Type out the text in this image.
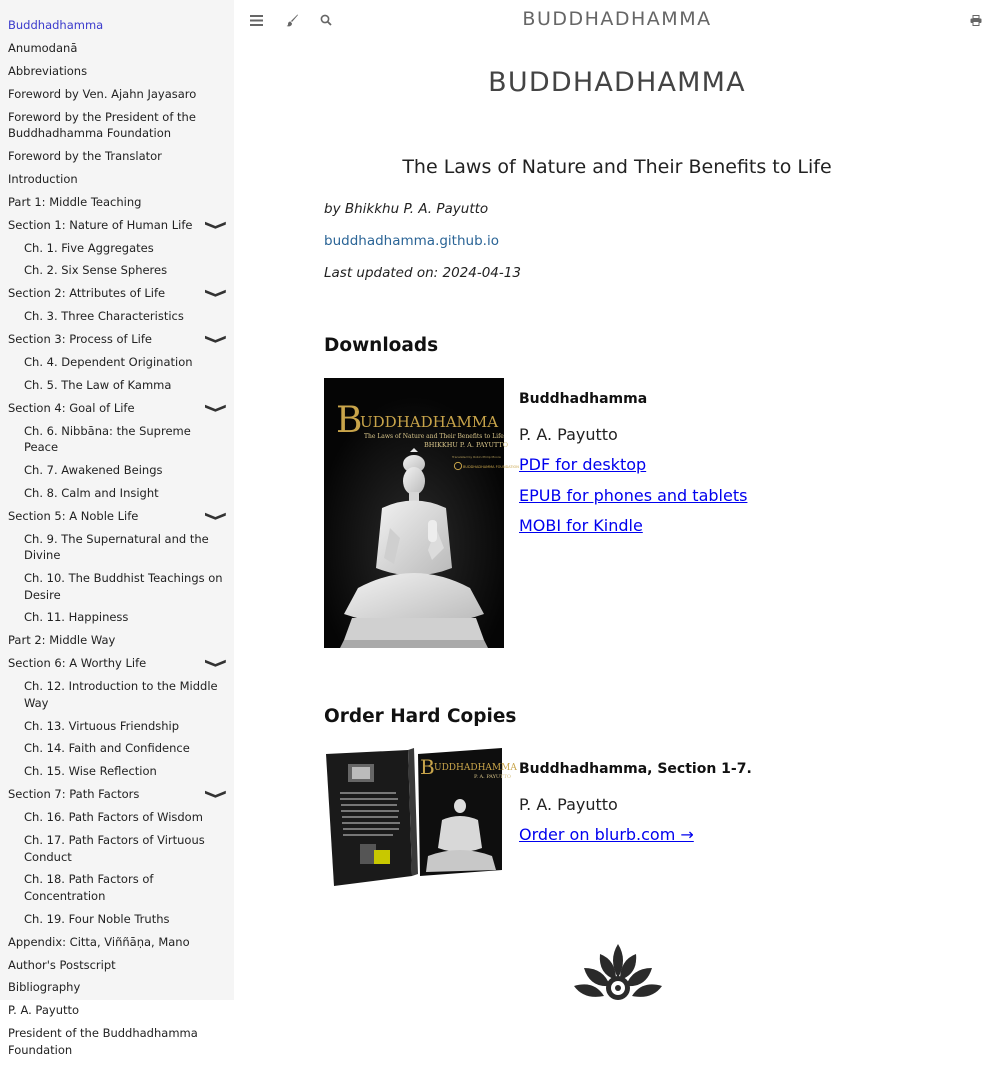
Buddhadhamma
Anumodanā
Abbreviations
Foreword by Ven. Ajahn Jayasaro
Foreword by the President of the Buddhadhamma Foundation
Foreword by the Translator
Introduction
Part 1: Middle Teaching
Section 1: Nature of Human Life ❯
Ch. 1. Five Aggregates
Ch. 2. Six Sense Spheres
Section 2: Attributes of Life	❯
Ch. 3. Three Characteristics
Section 3: Process of Life	❯
Ch. 4. Dependent Origination
Ch. 5. The Law of Kamma
Section 4: Goal of Life	❯
Ch. 6. Nibbāna: the Supreme Peace
Ch. 7. Awakened Beings
Ch. 8. Calm and Insight
Section 5: A Noble Life	❯
Ch. 9. The Supernatural and the Divine
Ch. 10. The Buddhist Teachings on Desire
Ch. 11. Happiness
Part 2: Middle Way
Section 6: A Worthy Life	❯
Ch. 12. Introduction to the Middle Way
Ch. 13. Virtuous Friendship
Ch. 14. Faith and Confidence
Ch. 15. Wise Reflection
Section 7: Path Factors	❯
Ch. 16. Path Factors of Wisdom
Ch. 17. Path Factors of Virtuous Conduct
Ch. 18. Path Factors of Concentration
Ch. 19. Four Noble Truths
Appendix: Citta, Viññāṇa, Mano
Author's Postscript
Bibliography
P. A. Payutto
President of the Buddhadhamma Foundation
BUDDHADHAMMA
BUDDHADHAMMA
The Laws of Nature and Their Benefits to Life
by Bhikkhu P. A. Payutto
buddhadhamma.github.io
Last updated on: 2024-04-13
Downloads
B
UDDHADHAMMA
The Laws of Nature and Their Benefits to Life
BHIKKHU P. A. PAYUTTO
Translated by Robin Philip Moore
BUDDHADHAMMA FOUNDATION
Buddhadhamma
P. A. Payutto
PDF for desktop
EPUB for phones and tablets
MOBI for Kindle
Order Hard Copies
B UDDHADHAMMA
P. A. PAYUTTO Buddhadhamma, Section 1-7.
P. A. Payutto
Order on blurb.com →
